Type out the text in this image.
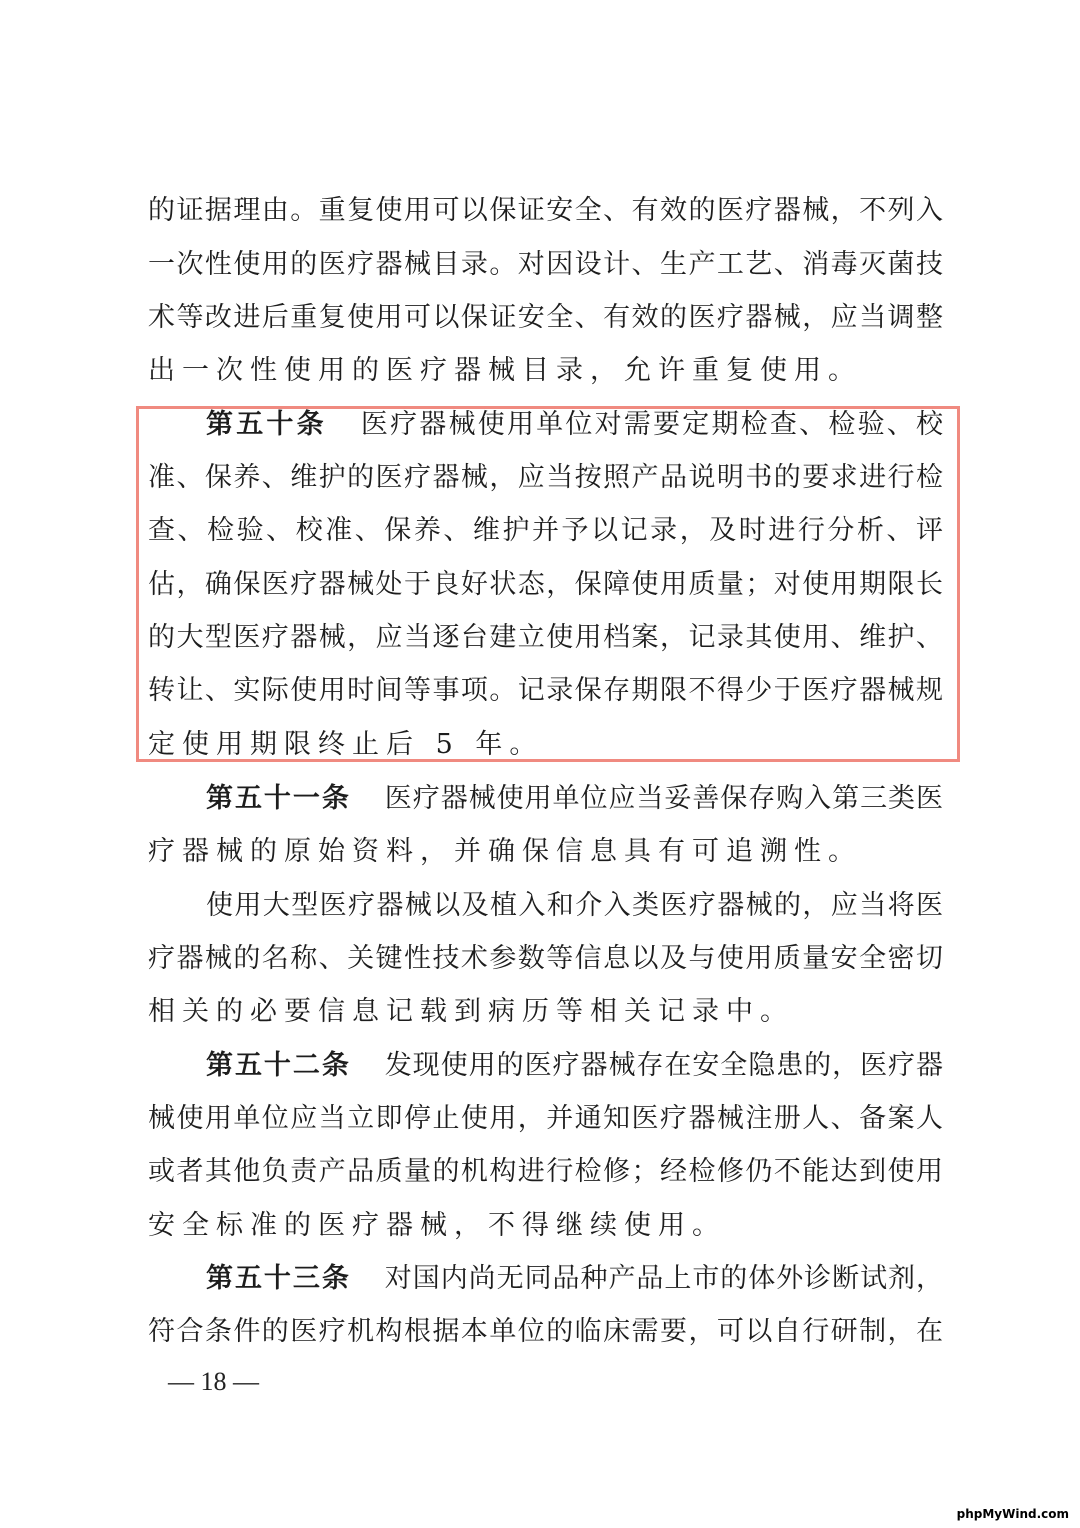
的证据理由。重复使用可以保证安全、有效的医疗器械，不列入
一次性使用的医疗器械目录。对因设计、生产工艺、消毒灭菌技
术等改进后重复使用可以保证安全、有效的医疗器械，应当调整
出一次性使用的医疗器械目录，允许重复使用。
第五十条 医疗器械使用单位对需要定期检查、检验、校
准、保养、维护的医疗器械，应当按照产品说明书的要求进行检
查、检验、校准、保养、维护并予以记录，及时进行分析、评
估，确保医疗器械处于良好状态，保障使用质量；对使用期限长
的大型医疗器械，应当逐台建立使用档案，记录其使用、维护、
转让、实际使用时间等事项。记录保存期限不得少于医疗器械规
定使用期限终止后 5 年。
第五十一条 医疗器械使用单位应当妥善保存购入第三类医
疗器械的原始资料，并确保信息具有可追溯性。
使用大型医疗器械以及植入和介入类医疗器械的，应当将医
疗器械的名称、关键性技术参数等信息以及与使用质量安全密切
相关的必要信息记载到病历等相关记录中。
第五十二条 发现使用的医疗器械存在安全隐患的，医疗器
械使用单位应当立即停止使用，并通知医疗器械注册人、备案人
或者其他负责产品质量的机构进行检修；经检修仍不能达到使用
安全标准的医疗器械，不得继续使用。
第五十三条 对国内尚无同品种产品上市的体外诊断试剂，
符合条件的医疗机构根据本单位的临床需要，可以自行研制，在
— 18 —
phpMyWind.com
